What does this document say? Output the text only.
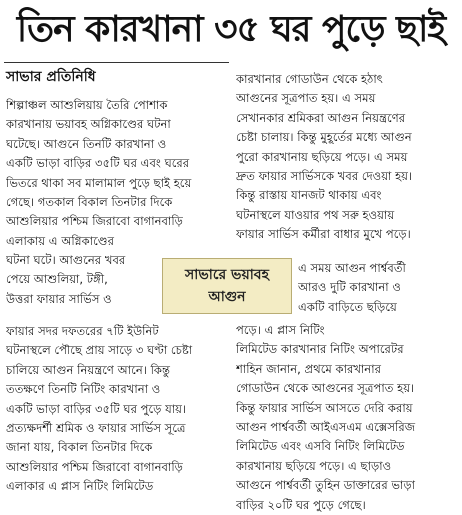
তিন কারখানা ৩৫ ঘর পুড়ে ছাই
সাভার প্রতিনিধি

শিল্পাঞ্চল আশুলিয়ায় তৈরি পোশাক

কারখানায় ভয়াবহ অগ্নিকাণ্ডের ঘটনা

ঘটেছে। আগুনে তিনটি কারখানা ও

একটি ভাড়া বাড়ির ৩৫টি ঘর এবং ঘরের

ভিতরে থাকা সব মালামাল পুড়ে ছাই হয়ে

গেছে। গতকাল বিকাল তিনটার দিকে

আশুলিয়ার পশ্চিম জিরাবো বাগানবাড়ি

এলাকায় এ অগ্নিকাণ্ডের

ঘটনা ঘটে। আগুনের খবর

পেয়ে আশুলিয়া, টঙ্গী,

উত্তরা ফায়ার সার্ভিস ও

ফায়ার সদর দফতরের ৭টি ইউনিট

ঘটনাস্থলে পৌছে প্রায় সাড়ে ৩ ঘণ্টা চেষ্টা

চালিয়ে আগুন নিয়ন্ত্রণে আনে। কিন্তু

ততক্ষণে তিনটি নিটিং কারখানা ও

একটি ভাড়া বাড়ির ৩৫টি ঘর পুড়ে যায়।

প্রত্যক্ষদর্শী শ্রমিক ও ফায়ার সার্ভিস সূত্রে

জানা যায়, বিকাল তিনটার দিকে

আশুলিয়ার পশ্চিম জিরাবো বাগানবাড়ি

এলাকার এ প্লাস নিটিং লিমিটেড

সাভারে ভয়াবহ
আগুন

কারখানার গোডাউন থেকে হঠাৎ

আগুনের সূত্রপাত হয়। এ সময়

সেখানকার শ্রমিকরা আগুন নিয়ন্ত্রণের

চেষ্টা চালায়। কিন্তু মুহূর্তের মধ্যে আগুন

পুরো কারখানায় ছড়িয়ে পড়ে। এ সময়

দ্রুত ফায়ার সার্ভিসকে খবর দেওয়া হয়।

কিন্তু রাস্তায় যানজট থাকায় এবং

ঘটনাস্থলে যাওয়ার পথ সরু হওয়ায়

ফায়ার সার্ভিস কর্মীরা বাধার মুখে পড়ে।

এ সময় আগুন পার্শ্ববর্তী

আরও দুটি কারখানা ও

একটি বাড়িতে ছড়িয়ে

পড়ে। এ প্লাস নিটিং

লিমিটেড কারখানার নিটিং অপারেটর

শাহিন জানান, প্রথমে কারখানার

গোডাউন থেকে আগুনের সূত্রপাত হয়।

কিন্তু ফায়ার সার্ভিস আসতে দেরি করায়

আগুন পার্শ্ববর্তী আইএসএম এক্সেসরিজ

লিমিটেড এবং এসবি নিটিং লিমিটেড

কারখানায় ছড়িয়ে পড়ে। এ ছাড়াও

আগুনে পার্শ্ববর্তী তুহিন ডাক্তারের ভাড়া

বাড়ির ২০টি ঘর পুড়ে গেছে।
